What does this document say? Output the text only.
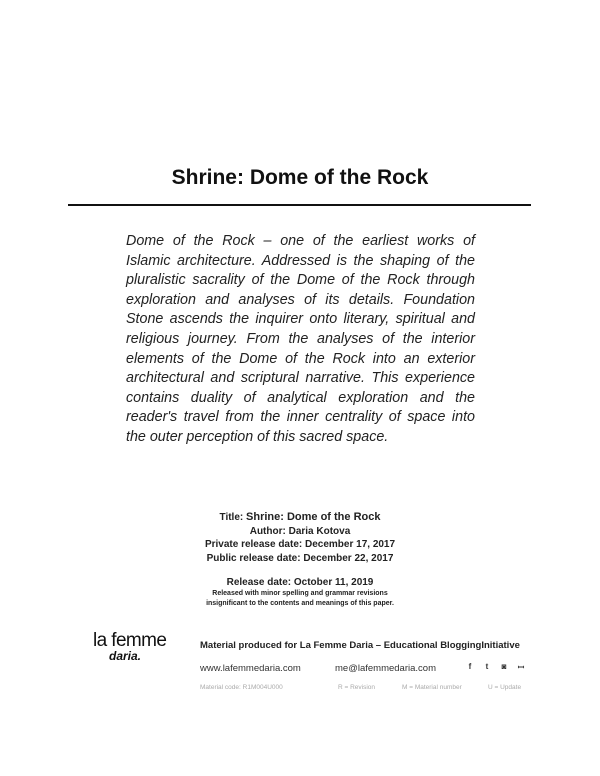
Shrine: Dome of the Rock
Dome of the Rock – one of the earliest works of Islamic architecture. Addressed is the shaping of the pluralistic sacrality of the Dome of the Rock through exploration and analyses of its details. Foundation Stone ascends the inquirer onto literary, spiritual and religious journey. From the analyses of the interior elements of the Dome of the Rock into an exterior architectural and scriptural narrative. This experience contains duality of analytical exploration and the reader's travel from the inner centrality of space into the outer perception of this sacred space.
Title: Shrine: Dome of the Rock
Author: Daria Kotova
Private release date: December 17, 2017
Public release date: December 22, 2017
Release date: October 11, 2019
Released with minor spelling and grammar revisions
insignificant to the contents and meanings of this paper.
la femme
daria.
Material produced for La Femme Daria – Educational BloggingInitiative
www.lafemmedaria.com	me@lafemmedaria.com	f	t	◙ ꟷ
Material code: R1M004U000	R = Revision	M = Material number	U = Update
